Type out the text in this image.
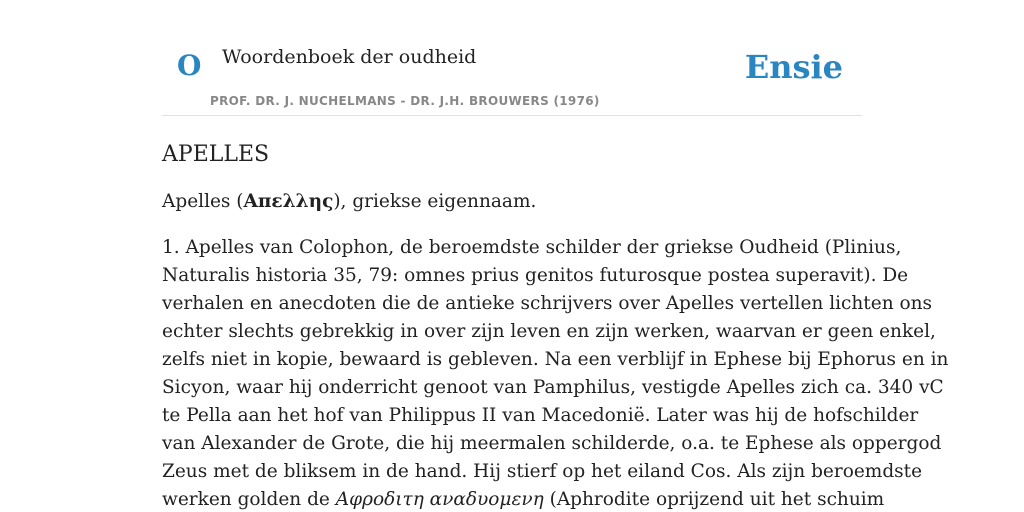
O Woordenboek der oudheid
PROF. DR. J. NUCHELMANS - DR. J.H. BROUWERS (1976)
Ensie
APELLES

Apelles (Απελλης), griekse eigennaam.

1. Apelles van Colophon, de beroemdste schilder der griekse Oudheid (Plinius,
Naturalis historia 35, 79: omnes prius genitos futurosque postea superavit). De
verhalen en anecdoten die de antieke schrijvers over Apelles vertellen lichten ons
echter slechts gebrekkig in over zijn leven en zijn werken, waarvan er geen enkel,
zelfs niet in kopie, bewaard is gebleven. Na een verblijf in Ephese bij Ephorus en in
Sicyon, waar hij onderricht genoot van Pamphilus, vestigde Apelles zich ca. 340 vC
te Pella aan het hof van Philippus II van Macedonië. Later was hij de hofschilder
van Alexander de Grote, die hij meermalen schilderde, o.a. te Ephese als oppergod
Zeus met de bliksem in de hand. Hij stierf op het eiland Cos. Als zijn beroemdste
werken golden de Αφροδιτη αναδυομενη (Aphrodite oprijzend uit het schuim
